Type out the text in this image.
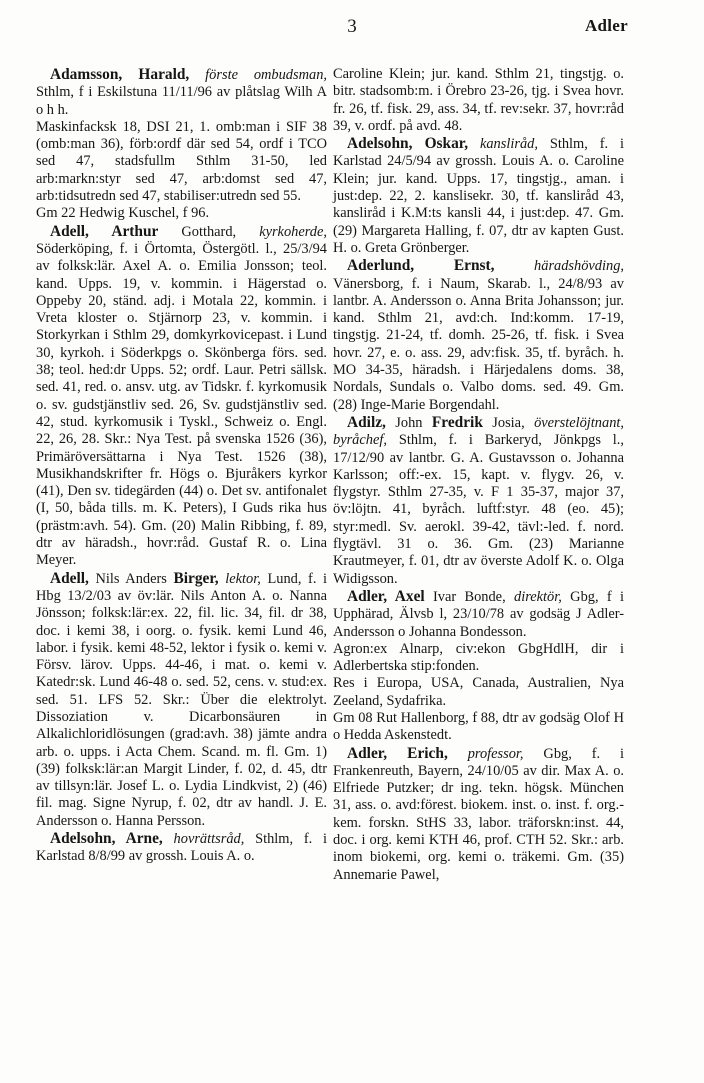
3	Adler

Adamsson, Harald, förste ombudsman, Sthlm, f i Eskilstuna 11/11/96 av plåtslag Wilh A o h h.

Maskinfacksk 18, DSI 21, 1. omb:man i SIF 38 (omb:man 36), förb:ordf där sed 54, ordf i TCO sed 47, stadsfullm Sthlm 31-50, led arb:markn:styr sed 47, arb:domst sed 47, arb:tidsutredn sed 47, stabiliser:utredn sed 55.

Gm 22 Hedwig Kuschel, f 96.

Adell, Arthur Gotthard, kyrkoherde, Söderköping, f. i Örtomta, Östergötl. l., 25/3/94 av folksk:lär. Axel A. o. Emilia Jonsson; teol. kand. Upps. 19, v. kommin. i Hägerstad o. Oppeby 20, ständ. adj. i Motala 22, kommin. i Vreta kloster o. Stjärnorp 23, v. kommin. i Storkyrkan i Sthlm 29, domkyrkovicepast. i Lund 30, kyrkoh. i Söderkpgs o. Skönberga förs. sed. 38; teol. hed:dr Upps. 52; ordf. Laur. Petri sällsk. sed. 41, red. o. ansv. utg. av Tidskr. f. kyrkomusik o. sv. gudstjänstliv sed. 26, Sv. gudstjänstliv sed. 42, stud. kyrkomusik i Tyskl., Schweiz o. Engl. 22, 26, 28. Skr.: Nya Test. på svenska 1526 (36), Primäröversättarna i Nya Test. 1526 (38), Musikhandskrifter fr. Högs o. Bjuråkers kyrkor (41), Den sv. tidegärden (44) o. Det sv. antifonalet (I, 50, båda tills. m. K. Peters), I Guds rika hus (prästm:avh. 54). Gm. (20) Malin Ribbing, f. 89, dtr av häradsh., hovr:råd. Gustaf R. o. Lina Meyer.

Adell, Nils Anders Birger, lektor, Lund, f. i Hbg 13/2/03 av öv:lär. Nils Anton A. o. Nanna Jönsson; folksk:lär:ex. 22, fil. lic. 34, fil. dr 38, doc. i kemi 38, i oorg. o. fysik. kemi Lund 46, labor. i fysik. kemi 48-52, lektor i fysik o. kemi v. Försv. lärov. Upps. 44-46, i mat. o. kemi v. Katedr:sk. Lund 46-48 o. sed. 52, cens. v. stud:ex. sed. 51. LFS 52. Skr.: Über die elektrolyt. Dissoziation v. Dicarbonsäuren in Alkalichloridlösungen (grad:avh. 38) jämte andra arb. o. upps. i Acta Chem. Scand. m. fl. Gm. 1) (39) folksk:lär:an Margit Linder, f. 02, d. 45, dtr av tillsyn:lär. Josef L. o. Lydia Lindkvist, 2) (46) fil. mag. Signe Nyrup, f. 02, dtr av handl. J. E. Andersson o. Hanna Persson.

Adelsohn, Arne, hovrättsråd, Sthlm, f. i Karlstad 8/8/99 av grossh. Louis A. o.

Caroline Klein; jur. kand. Sthlm 21, tingstjg. o. bitr. stadsomb:m. i Örebro 23-26, tjg. i Svea hovr. fr. 26, tf. fisk. 29, ass. 34, tf. rev:sekr. 37, hovr:råd 39, v. ordf. på avd. 48.

Adelsohn, Oskar, kansliråd, Sthlm, f. i Karlstad 24/5/94 av grossh. Louis A. o. Caroline Klein; jur. kand. Upps. 17, tingstjg., aman. i just:dep. 22, 2. kanslisekr. 30, tf. kansliråd 43, kansliråd i K.M:ts kansli 44, i just:dep. 47. Gm. (29) Margareta Halling, f. 07, dtr av kapten Gust. H. o. Greta Grönberger.

Aderlund, Ernst,	häradshövding, Vänersborg, f. i Naum, Skarab. l., 24/8/93 av lantbr. A. Andersson o. Anna Brita Johansson; jur. kand. Sthlm 21, avd:ch. Ind:komm. 17-19, tingstjg. 21-24, tf. domh. 25-26, tf. fisk. i Svea hovr. 27, e. o. ass. 29, adv:fisk. 35, tf. byråch. h. MO 34-35, häradsh. i Härjedalens doms. 38, Nordals, Sundals o. Valbo doms. sed. 49. Gm. (28) Inge-Marie Borgendahl.

Adilz, John Fredrik Josia, överstelöjtnant, byråchef, Sthlm, f. i Barkeryd, Jönkpgs l., 17/12/90 av lantbr. G. A. Gustavsson o. Johanna Karlsson; off:-ex. 15, kapt. v. flygv. 26, v. flygstyr. Sthlm 27-35, v. F 1 35-37, major 37, öv:löjtn. 41, byråch. luftf:styr. 48 (eo. 45); styr:medl. Sv. aerokl. 39-42, tävl:-led. f. nord. flygtävl. 31 o. 36. Gm. (23) Marianne Krautmeyer, f. 01, dtr av överste Adolf K. o. Olga Widigsson.

Adler, Axel Ivar Bonde, direktör, Gbg, f i Upphärad, Älvsb l, 23/10/78 av godsäg J Adler-Andersson o Johanna Bondesson.

Agron:ex Alnarp, civ:ekon GbgHdlH, dir i Adlerbertska stip:fonden.

Res i Europa, USA, Canada, Australien, Nya Zeeland, Sydafrika.

Gm 08 Rut Hallenborg, f 88, dtr av godsäg Olof H o Hedda Askenstedt.

Adler, Erich, professor, Gbg, f. i Frankenreuth, Bayern, 24/10/05 av dir. Max A. o. Elfriede Putzker; dr ing. tekn. högsk. München 31, ass. o. avd:förest. biokem. inst. o. inst. f. org.-kem. forskn. StHS 33, labor. träforskn:inst. 44, doc. i org. kemi KTH 46, prof. CTH 52. Skr.: arb. inom biokemi, org. kemi o. träkemi. Gm. (35) Annemarie Pawel,
